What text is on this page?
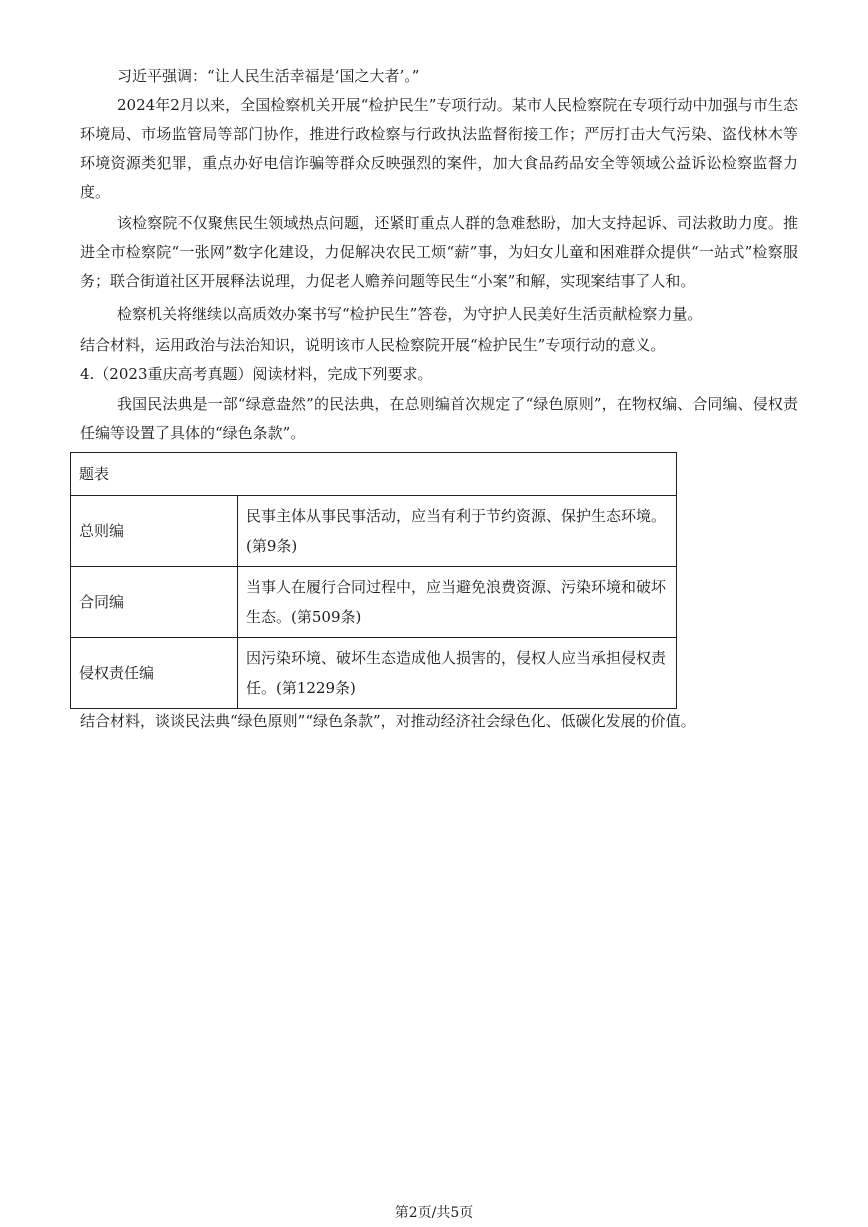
习近平强调：“让人民生活幸福是‘国之大者’。”

2024年2月以来，全国检察机关开展“检护民生”专项行动。某市人民检察院在专项行动中加强与市生态环境局、市场监管局等部门协作，推进行政检察与行政执法监督衔接工作；严厉打击大气污染、盗伐林木等环境资源类犯罪，重点办好电信诈骗等群众反映强烈的案件，加大食品药品安全等领域公益诉讼检察监督力度。

该检察院不仅聚焦民生领域热点问题，还紧盯重点人群的急难愁盼，加大支持起诉、司法救助力度。推进全市检察院“一张网”数字化建设，力促解决农民工烦“薪”事，为妇女儿童和困难群众提供“一站式”检察服务；联合街道社区开展释法说理，力促老人赡养问题等民生“小案”和解，实现案结事了人和。

检察机关将继续以高质效办案书写“检护民生”答卷，为守护人民美好生活贡献检察力量。

结合材料，运用政治与法治知识，说明该市人民检察院开展“检护民生”专项行动的意义。

4.（2023重庆高考真题）阅读材料，完成下列要求。

我国民法典是一部“绿意盎然”的民法典，在总则编首次规定了“绿色原则”，在物权编、合同编、侵权责任编等设置了具体的“绿色条款”。

题表	
总则编	民事主体从事民事活动，应当有利于节约资源、保护生态环境。(第9条)
合同编	当事人在履行合同过程中，应当避免浪费资源、污染环境和破坏生态。(第509条)
侵权责任编	因污染环境、破坏生态造成他人损害的，侵权人应当承担侵权责任。(第1229条)

结合材料，谈谈民法典“绿色原则”“绿色条款”，对推动经济社会绿色化、低碳化发展的价值。

第2页/共5页
